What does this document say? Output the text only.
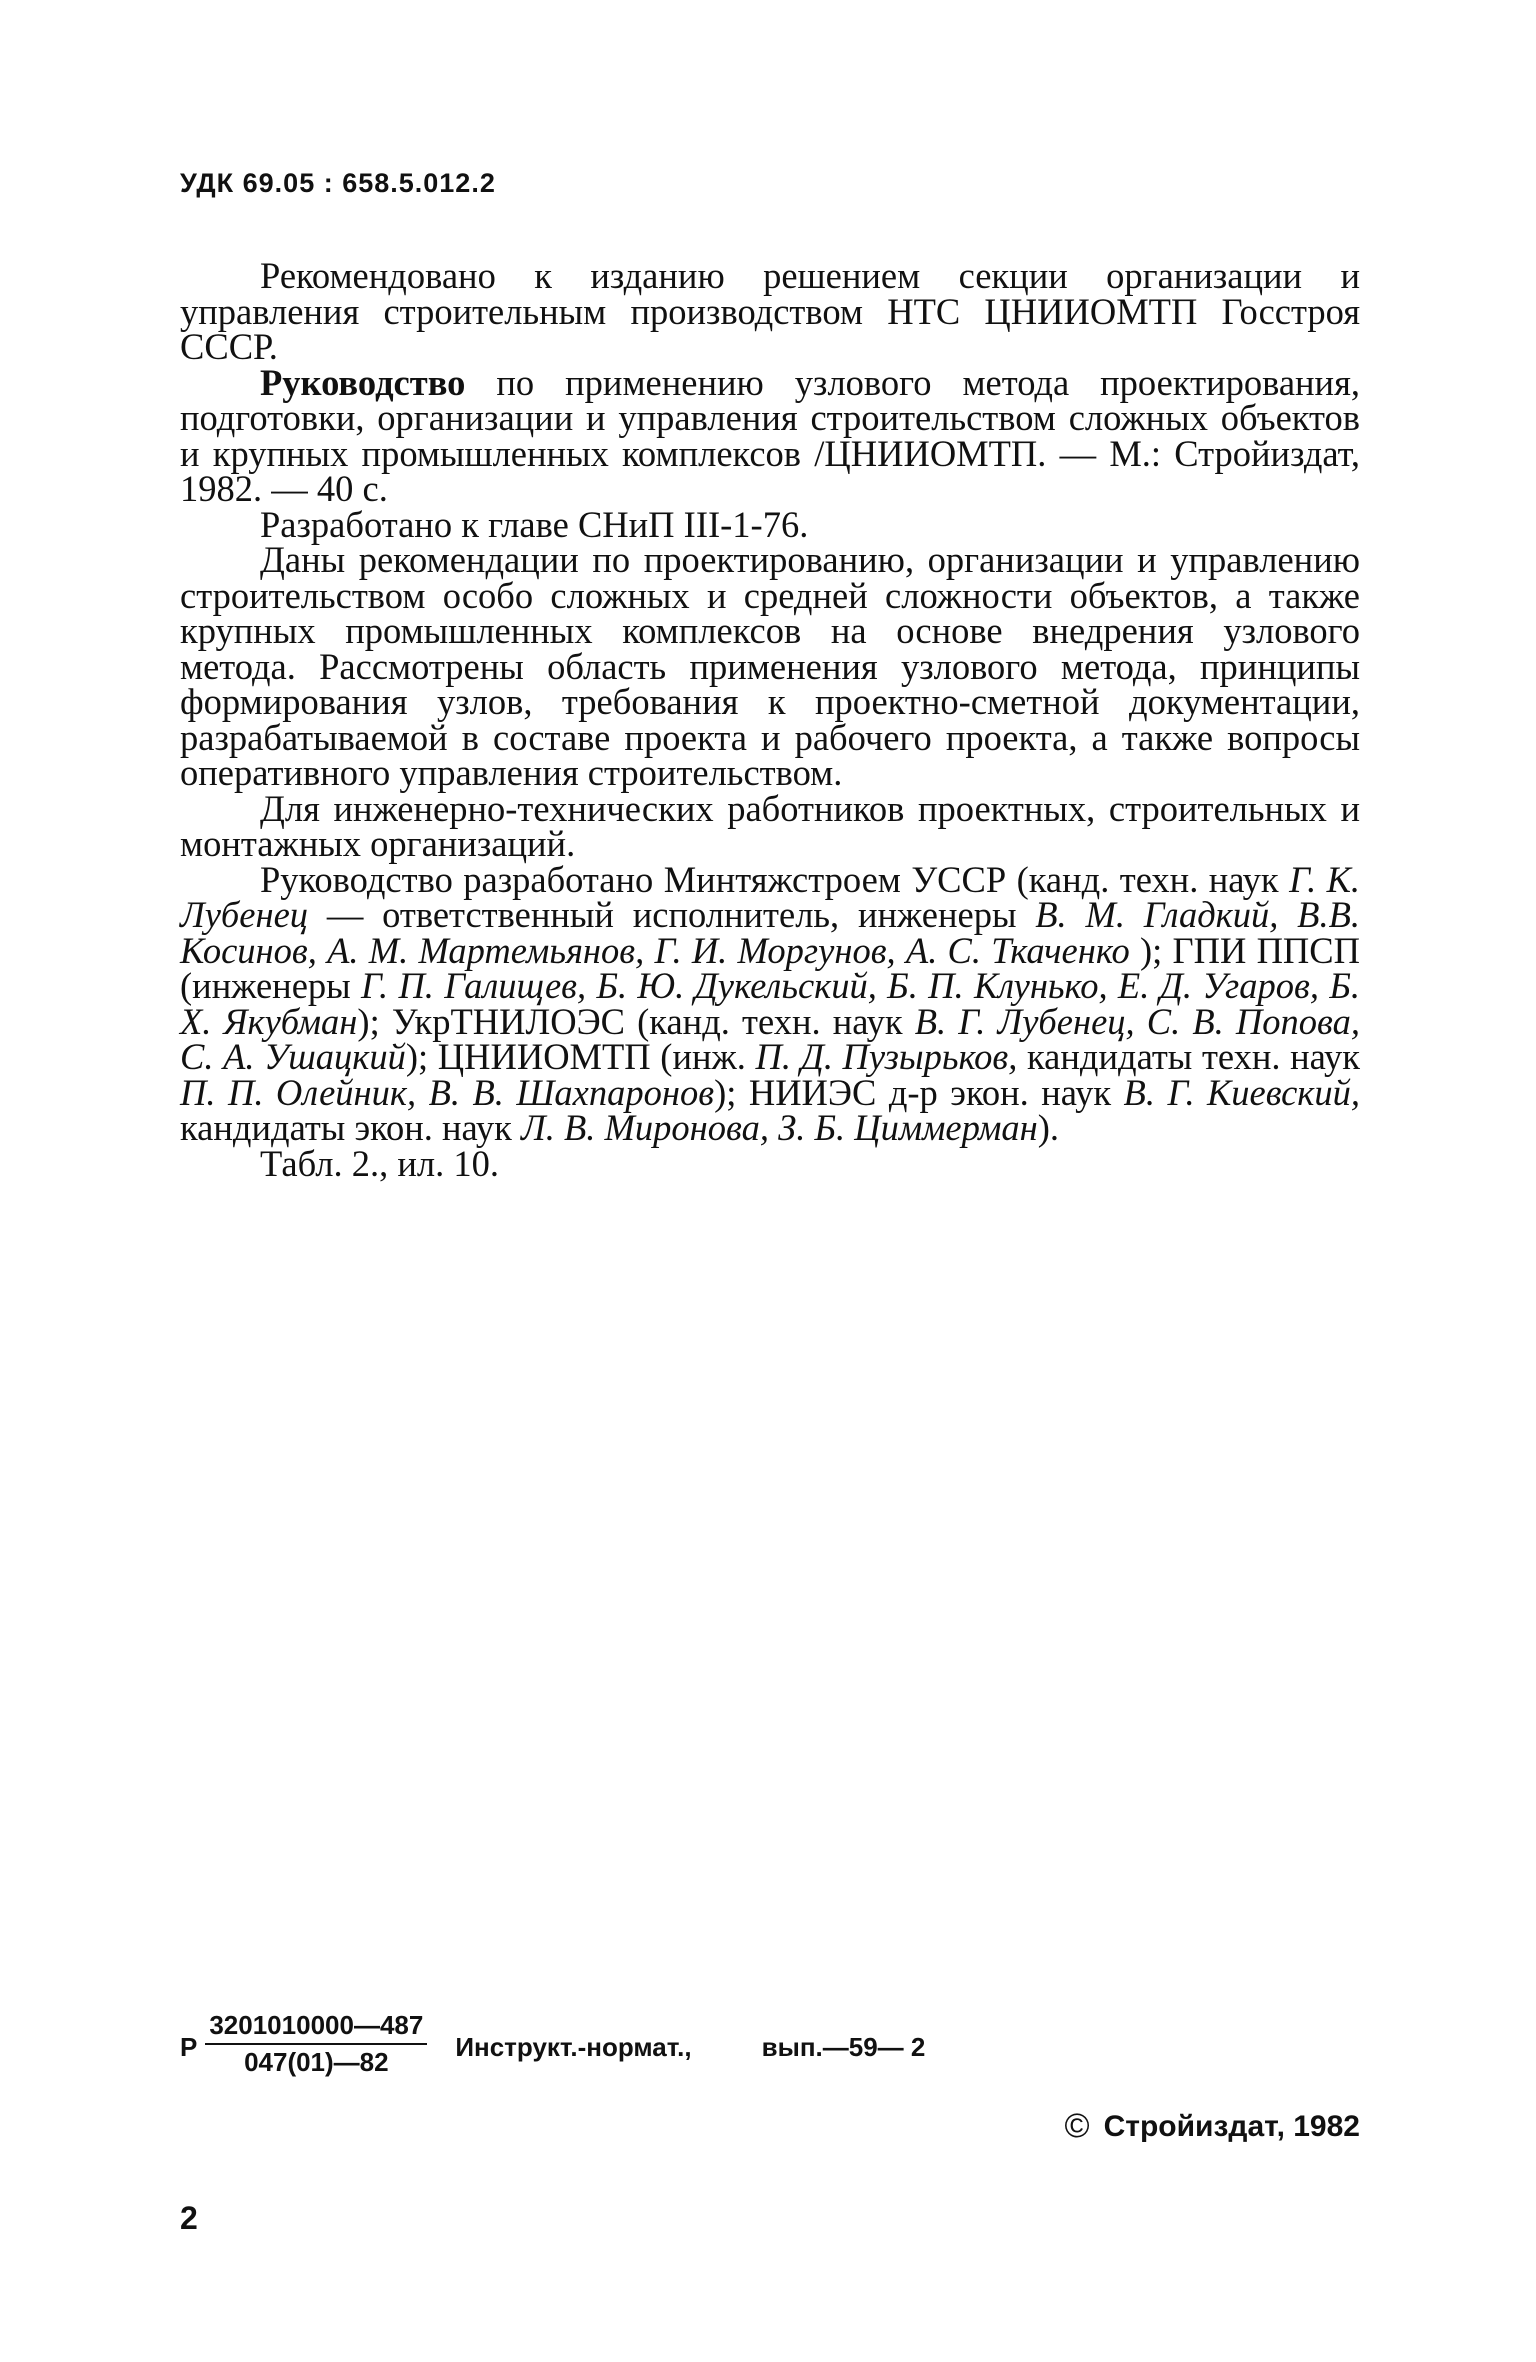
УДК 69.05 : 658.5.012.2

Рекомендовано к изданию решением секции организации и управления строительным производством НТС ЦНИИОМТП Госстроя СССР.

Руководство по применению узлового метода проектирования, подготовки, организации и управления строительством сложных объектов и крупных промышленных комплексов /ЦНИИОМТП. — М.: Стройиздат, 1982. — 40 с.

Разработано к главе СНиП III-1-76.

Даны рекомендации по проектированию, организации и управлению строительством особо сложных и средней сложности объектов, а также крупных промышленных комплексов на основе внедрения узлового метода. Рассмотрены область применения узлового метода, принципы формирования узлов, требования к проектно-сметной документации, разрабатываемой в составе проекта и рабочего проекта, а также вопросы оперативного управления строительством.

Для инженерно-технических работников проектных, строительных и монтажных организаций.

Руководство разработано Минтяжстроем УССР (канд. техн. наук Г. К. Лубенец — ответственный исполнитель, инженеры В. М. Гладкий, В.В. Косинов, А. М. Мартемьянов, Г. И. Моргунов, А. С. Ткаченко ); ГПИ ППСП (инженеры Г. П. Галищев, Б. Ю. Дукельский, Б. П. Клунько, Е. Д. Угаров, Б. Х. Якубман); УкрТНИЛОЭС (канд. техн. наук В. Г. Лубенец, С. В. Попова, С. А. Ушацкий); ЦНИИОМТП (инж. П. Д. Пузырьков, кандидаты техн. наук П. П. Олейник, В. В. Шахпаронов); НИИЭС д-р экон. наук В. Г. Киевский, кандидаты экон. наук Л. В. Миронова, З. Б. Циммерман).

Табл. 2., ил. 10.

Р $\frac{3201010000—487}{047(01)—82}$ Инструкт.-нормат.,	вып.—59— 2
© Стройиздат, 1982
2
